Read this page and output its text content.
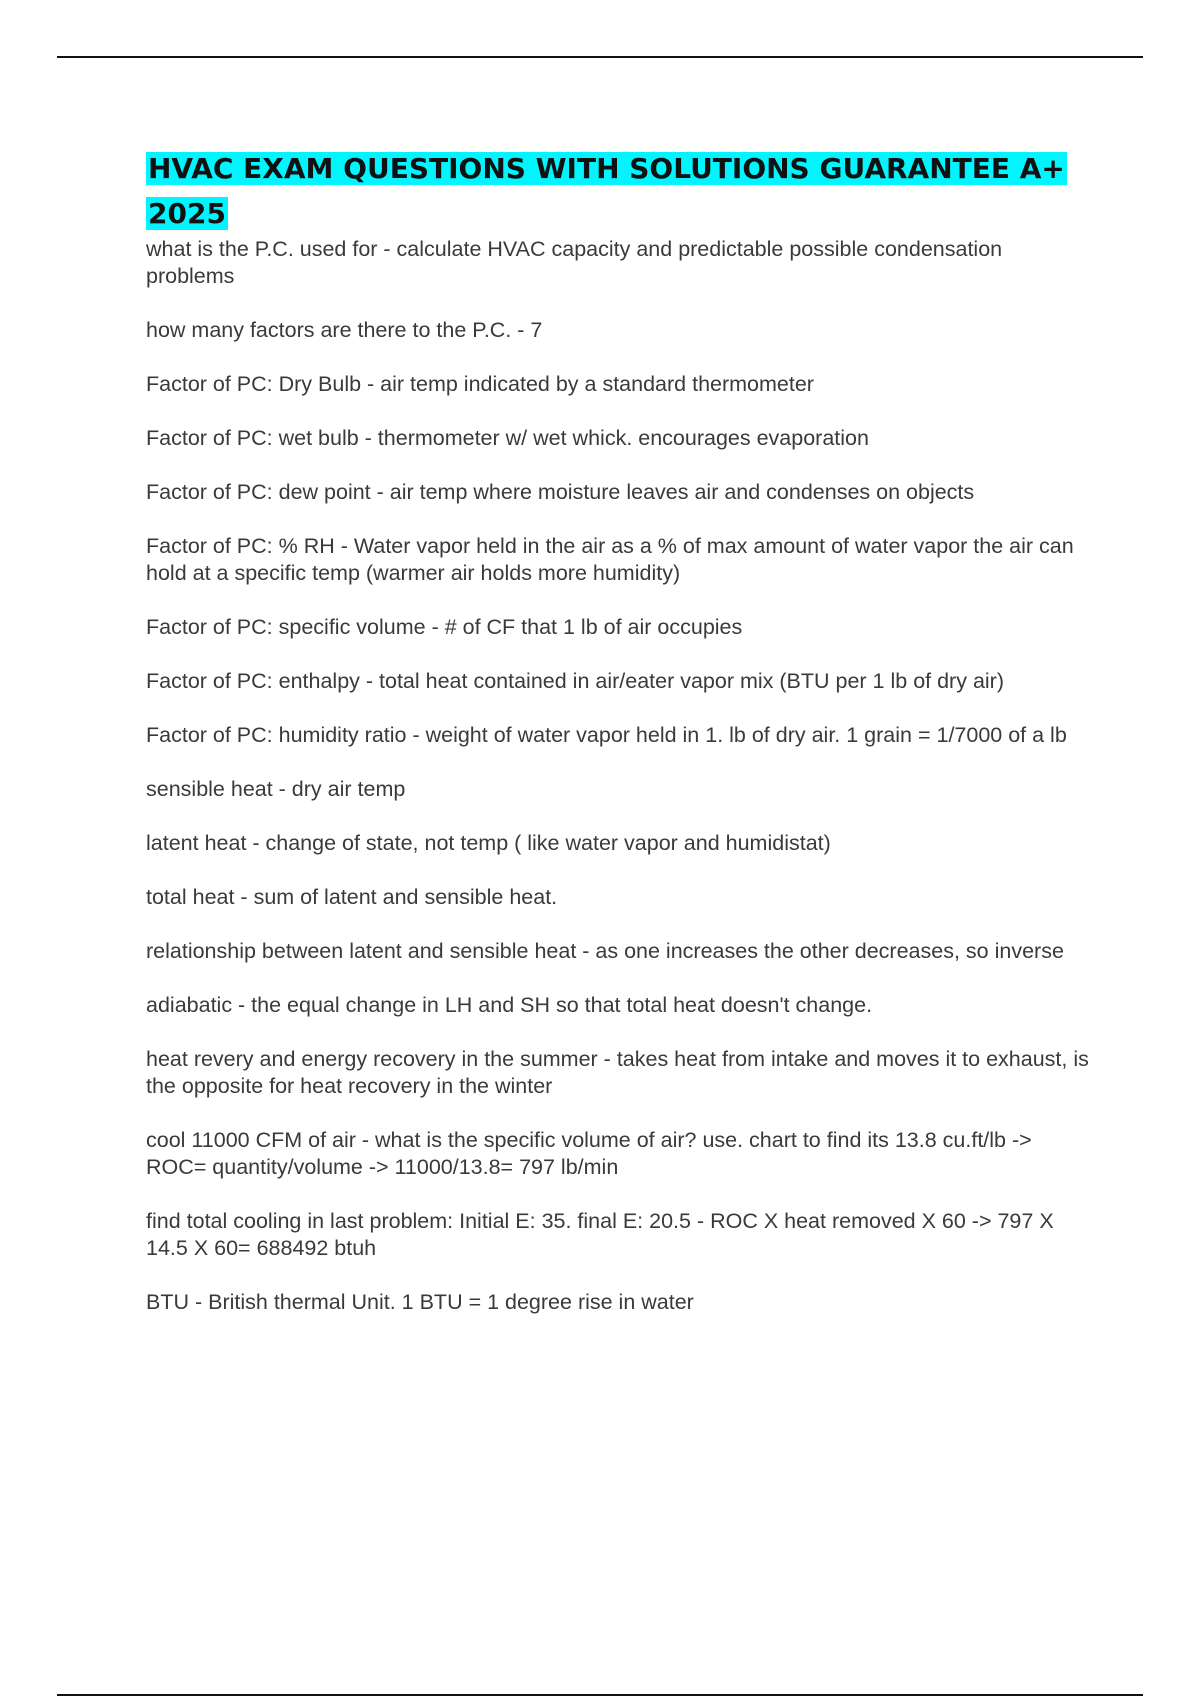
HVAC EXAM QUESTIONS WITH SOLUTIONS GUARANTEE A+ 2025
what is the P.C. used for - calculate HVAC capacity and predictable possible condensation problems
how many factors are there to the P.C. - 7
Factor of PC: Dry Bulb - air temp indicated by a standard thermometer
Factor of PC: wet bulb - thermometer w/ wet whick. encourages evaporation
Factor of PC: dew point - air temp where moisture leaves air and condenses on objects
Factor of PC: % RH - Water vapor held in the air as a % of max amount of water vapor the air can hold at a specific temp (warmer air holds more humidity)
Factor of PC: specific volume - # of CF that 1 lb of air occupies
Factor of PC: enthalpy - total heat contained in air/eater vapor mix (BTU per 1 lb of dry air)
Factor of PC: humidity ratio - weight of water vapor held in 1. lb of dry air. 1 grain = 1/7000 of a lb
sensible heat - dry air temp
latent heat - change of state, not temp ( like water vapor and humidistat)
total heat - sum of latent and sensible heat.
relationship between latent and sensible heat - as one increases the other decreases, so inverse
adiabatic - the equal change in LH and SH so that total heat doesn't change.
heat revery and energy recovery in the summer - takes heat from intake and moves it to exhaust, is the opposite for heat recovery in the winter
cool 11000 CFM of air - what is the specific volume of air? use. chart to find its 13.8 cu.ft/lb -> ROC= quantity/volume -> 11000/13.8= 797 lb/min
find total cooling in last problem: Initial E: 35. final E: 20.5 - ROC X heat removed X 60 -> 797 X 14.5 X 60= 688492 btuh
BTU - British thermal Unit. 1 BTU = 1 degree rise in water
